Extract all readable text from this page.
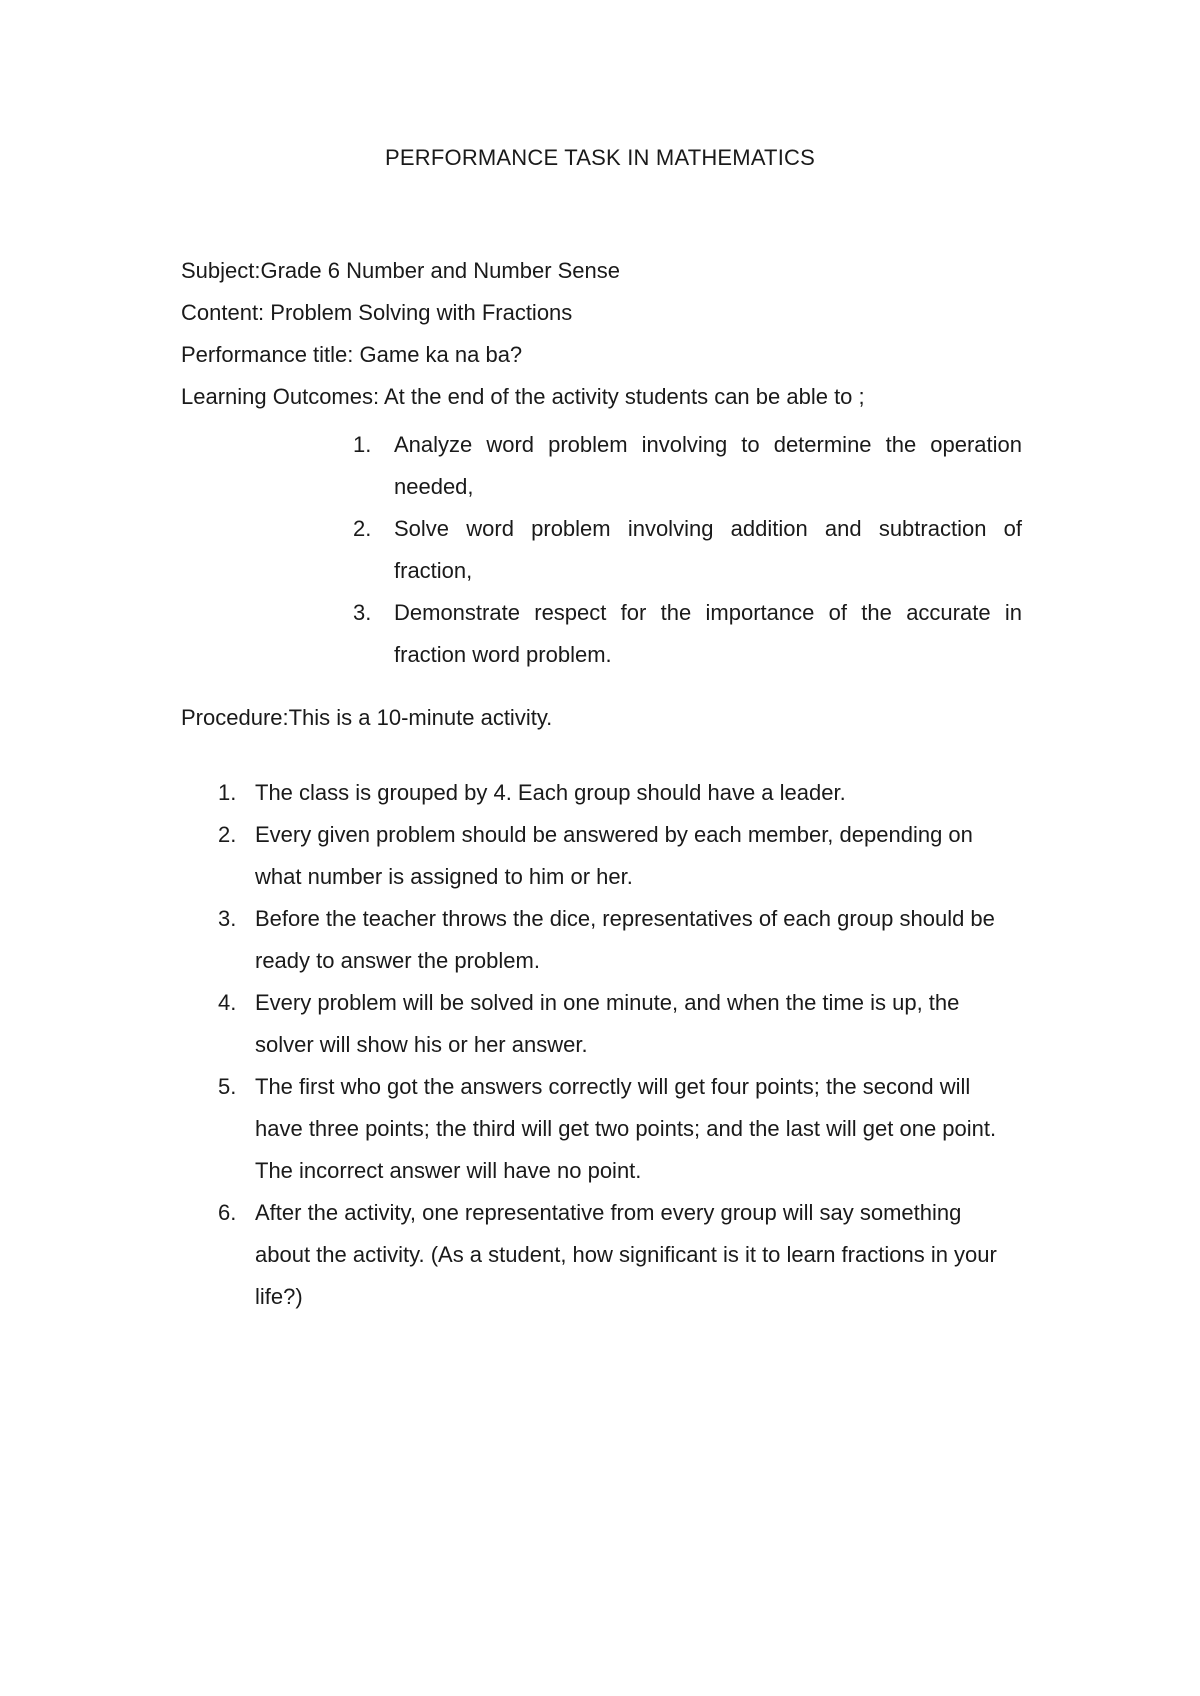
PERFORMANCE TASK IN MATHEMATICS
Subject:Grade 6 Number and Number Sense
Content: Problem Solving with Fractions
Performance title: Game ka na ba?
Learning Outcomes: At the end of the activity students can be able to ;
1. Analyze word problem involving to determine the operation needed,
2. Solve word problem involving addition and subtraction of fraction,
3. Demonstrate respect for the importance of the accurate in fraction word problem.
Procedure:This is a 10-minute activity.
1. The class is grouped by 4. Each group should have a leader.
2. Every given problem should be answered by each member, depending on what number is assigned to him or her.
3. Before the teacher throws the dice, representatives of each group should be ready to answer the problem.
4. Every problem will be solved in one minute, and when the time is up, the solver will show his or her answer.
5. The first who got the answers correctly will get four points; the second will have three points; the third will get two points; and the last will get one point. The incorrect answer will have no point.
6. After the activity, one representative from every group will say something about the activity. (As a student, how significant is it to learn fractions in your life?)
